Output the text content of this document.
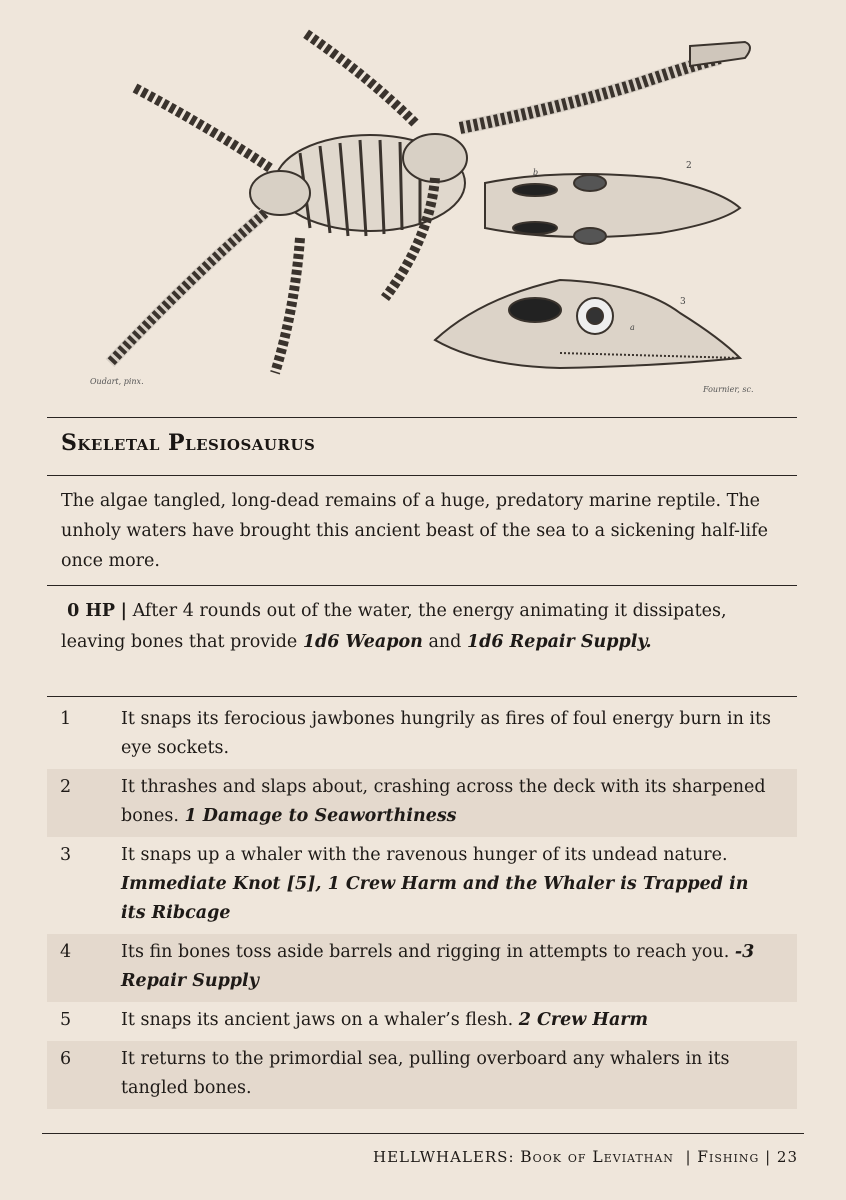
Oudart, pinx.
Fournier, sc.
2
3
b
a
Skeletal Plesiosaurus
The algae tangled, long-dead remains of a huge, predatory marine reptile. The unholy waters have brought this ancient beast of the sea to a sickening half-life once more.
0 HP | After 4 rounds out of the water, the energy animating it dissipates, leaving bones that provide 1d6 Weapon and 1d6 Repair Supply.
1	It snaps its ferocious jawbones hungrily as fires of foul energy burn in its eye sockets.
2	It thrashes and slaps about, crashing across the deck with its sharpened bones. 1 Damage to Seaworthiness
3	It snaps up a whaler with the ravenous hunger of its undead nature. Immediate Knot [5], 1 Crew Harm and the Whaler is Trapped in its Ribcage
4	Its fin bones toss aside barrels and rigging in attempts to reach you. -3 Repair Supply
5	It snaps its ancient jaws on a whaler’s flesh. 2 Crew Harm
6	It returns to the primordial sea, pulling overboard any whalers in its tangled bones.
HELLWHALERS: Book of Leviathan | Fishing | 23
